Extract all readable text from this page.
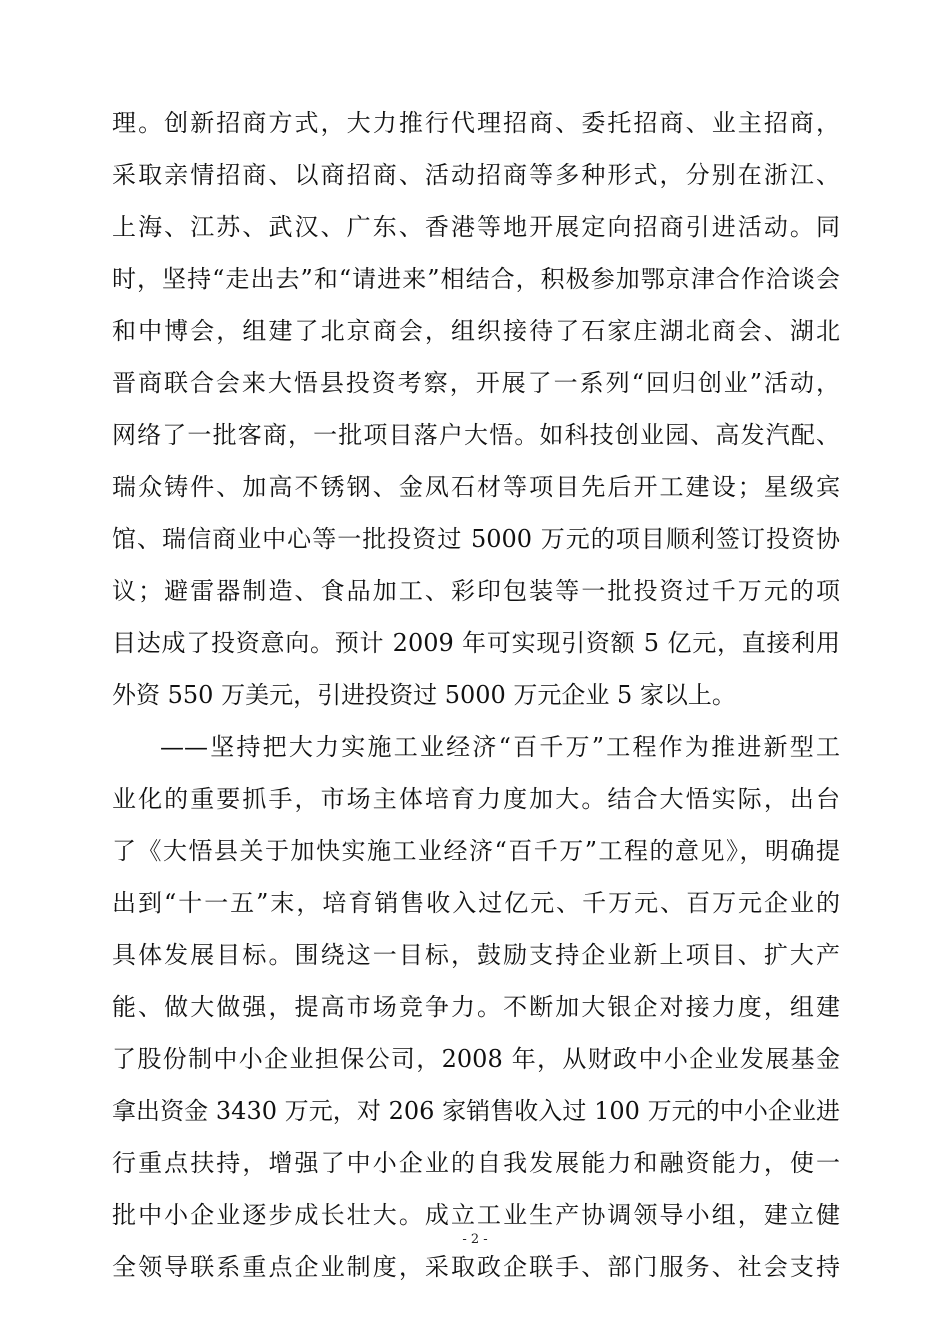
理。创新招商方式，大力推行代理招商、委托招商、业主招商，
采取亲情招商、以商招商、活动招商等多种形式，分别在浙江、
上海、江苏、武汉、广东、香港等地开展定向招商引进活动。同
时，坚持“走出去”和“请进来”相结合，积极参加鄂京津合作洽谈会
和中博会，组建了北京商会，组织接待了石家庄湖北商会、湖北
晋商联合会来大悟县投资考察，开展了一系列“回归创业”活动，
网络了一批客商，一批项目落户大悟。如科技创业园、高发汽配、
瑞众铸件、加高不锈钢、金凤石材等项目先后开工建设；星级宾
馆、瑞信商业中心等一批投资过 5000 万元的项目顺利签订投资协
议；避雷器制造、食品加工、彩印包装等一批投资过千万元的项
目达成了投资意向。预计 2009 年可实现引资额 5 亿元，直接利用
外资 550 万美元，引进投资过 5000 万元企业 5 家以上。
——坚持把大力实施工业经济“百千万”工程作为推进新型工
业化的重要抓手，市场主体培育力度加大。结合大悟实际，出台
了《大悟县关于加快实施工业经济“百千万”工程的意见》，明确提
出到“十一五”末，培育销售收入过亿元、千万元、百万元企业的
具体发展目标。围绕这一目标，鼓励支持企业新上项目、扩大产
能、做大做强，提高市场竞争力。不断加大银企对接力度，组建
了股份制中小企业担保公司，2008 年，从财政中小企业发展基金
拿出资金 3430 万元，对 206 家销售收入过 100 万元的中小企业进
行重点扶持，增强了中小企业的自我发展能力和融资能力，使一
批中小企业逐步成长壮大。成立工业生产协调领导小组，建立健
全领导联系重点企业制度，采取政企联手、部门服务、社会支持
- 2 -
